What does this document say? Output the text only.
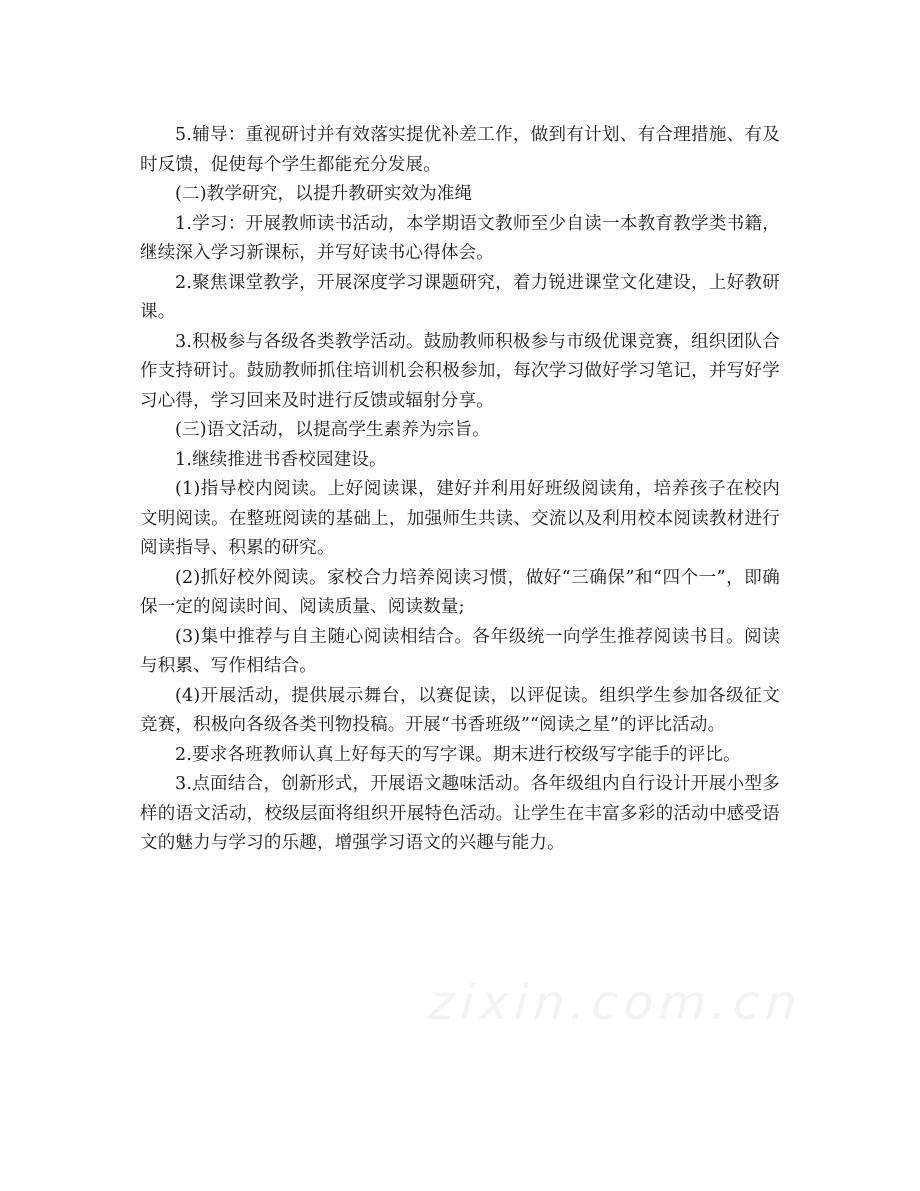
5.辅导：重视研讨并有效落实提优补差工作，做到有计划、有合理措施、有及时反馈，促使每个学生都能充分发展。

(二)教学研究，以提升教研实效为准绳

1.学习：开展教师读书活动，本学期语文教师至少自读一本教育教学类书籍，继续深入学习新课标，并写好读书心得体会。

2.聚焦课堂教学，开展深度学习课题研究，着力锐进课堂文化建设，上好教研课。

3.积极参与各级各类教学活动。鼓励教师积极参与市级优课竞赛，组织团队合作支持研讨。鼓励教师抓住培训机会积极参加，每次学习做好学习笔记，并写好学习心得，学习回来及时进行反馈或辐射分享。

(三)语文活动，以提高学生素养为宗旨。

1.继续推进书香校园建设。

(1)指导校内阅读。上好阅读课，建好并利用好班级阅读角，培养孩子在校内文明阅读。在整班阅读的基础上，加强师生共读、交流以及利用校本阅读教材进行阅读指导、积累的研究。

(2)抓好校外阅读。家校合力培养阅读习惯，做好“三确保”和“四个一”，即确保一定的阅读时间、阅读质量、阅读数量;

(3)集中推荐与自主随心阅读相结合。各年级统一向学生推荐阅读书目。阅读与积累、写作相结合。

(4)开展活动，提供展示舞台，以赛促读，以评促读。组织学生参加各级征文竞赛，积极向各级各类刊物投稿。开展“书香班级”“阅读之星”的评比活动。

2.要求各班教师认真上好每天的写字课。期末进行校级写字能手的评比。

3.点面结合，创新形式，开展语文趣味活动。各年级组内自行设计开展小型多样的语文活动，校级层面将组织开展特色活动。让学生在丰富多彩的活动中感受语文的魅力与学习的乐趣，增强学习语文的兴趣与能力。

zixin.com.cn
